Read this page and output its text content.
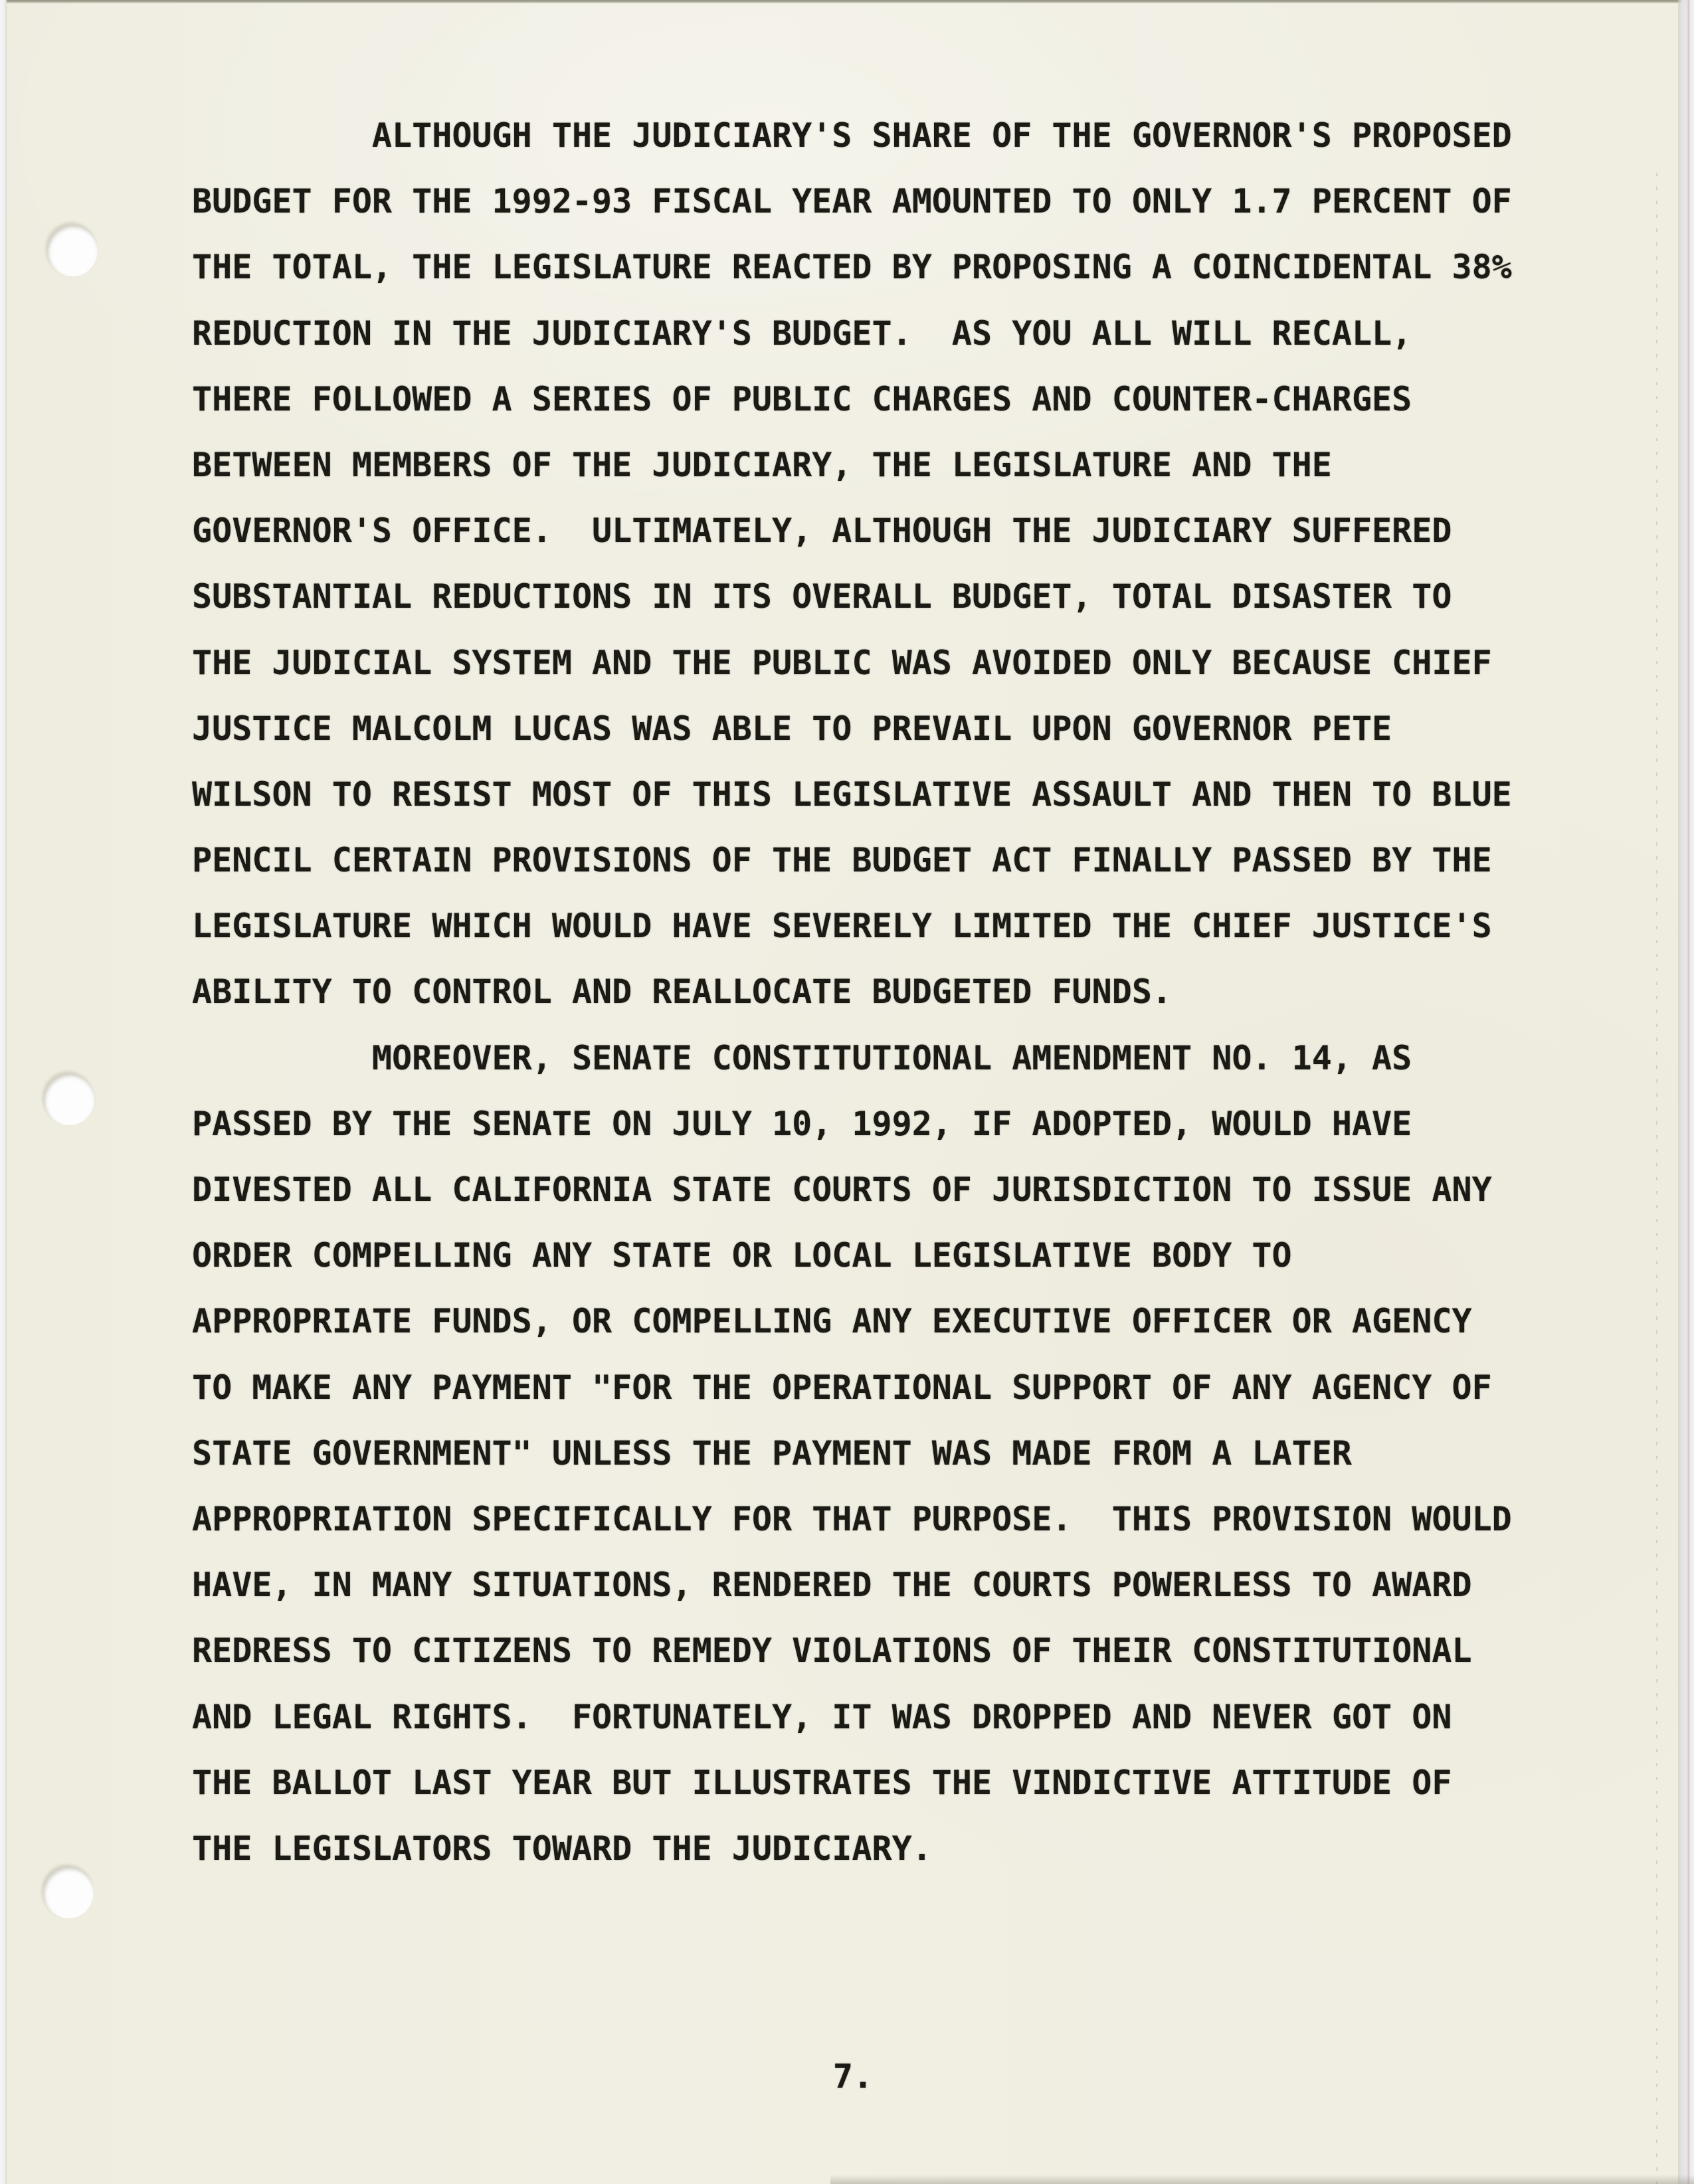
ALTHOUGH THE JUDICIARY'S SHARE OF THE GOVERNOR'S PROPOSED
BUDGET FOR THE 1992-93 FISCAL YEAR AMOUNTED TO ONLY 1.7 PERCENT OF
THE TOTAL, THE LEGISLATURE REACTED BY PROPOSING A COINCIDENTAL 38%
REDUCTION IN THE JUDICIARY'S BUDGET.  AS YOU ALL WILL RECALL,
THERE FOLLOWED A SERIES OF PUBLIC CHARGES AND COUNTER-CHARGES
BETWEEN MEMBERS OF THE JUDICIARY, THE LEGISLATURE AND THE
GOVERNOR'S OFFICE.  ULTIMATELY, ALTHOUGH THE JUDICIARY SUFFERED
SUBSTANTIAL REDUCTIONS IN ITS OVERALL BUDGET, TOTAL DISASTER TO
THE JUDICIAL SYSTEM AND THE PUBLIC WAS AVOIDED ONLY BECAUSE CHIEF
JUSTICE MALCOLM LUCAS WAS ABLE TO PREVAIL UPON GOVERNOR PETE
WILSON TO RESIST MOST OF THIS LEGISLATIVE ASSAULT AND THEN TO BLUE
PENCIL CERTAIN PROVISIONS OF THE BUDGET ACT FINALLY PASSED BY THE
LEGISLATURE WHICH WOULD HAVE SEVERELY LIMITED THE CHIEF JUSTICE'S
ABILITY TO CONTROL AND REALLOCATE BUDGETED FUNDS.
MOREOVER, SENATE CONSTITUTIONAL AMENDMENT NO. 14, AS
PASSED BY THE SENATE ON JULY 10, 1992, IF ADOPTED, WOULD HAVE
DIVESTED ALL CALIFORNIA STATE COURTS OF JURISDICTION TO ISSUE ANY
ORDER COMPELLING ANY STATE OR LOCAL LEGISLATIVE BODY TO
APPROPRIATE FUNDS, OR COMPELLING ANY EXECUTIVE OFFICER OR AGENCY
TO MAKE ANY PAYMENT "FOR THE OPERATIONAL SUPPORT OF ANY AGENCY OF
STATE GOVERNMENT" UNLESS THE PAYMENT WAS MADE FROM A LATER
APPROPRIATION SPECIFICALLY FOR THAT PURPOSE.  THIS PROVISION WOULD
HAVE, IN MANY SITUATIONS, RENDERED THE COURTS POWERLESS TO AWARD
REDRESS TO CITIZENS TO REMEDY VIOLATIONS OF THEIR CONSTITUTIONAL
AND LEGAL RIGHTS.  FORTUNATELY, IT WAS DROPPED AND NEVER GOT ON
THE BALLOT LAST YEAR BUT ILLUSTRATES THE VINDICTIVE ATTITUDE OF
THE LEGISLATORS TOWARD THE JUDICIARY.
7.
